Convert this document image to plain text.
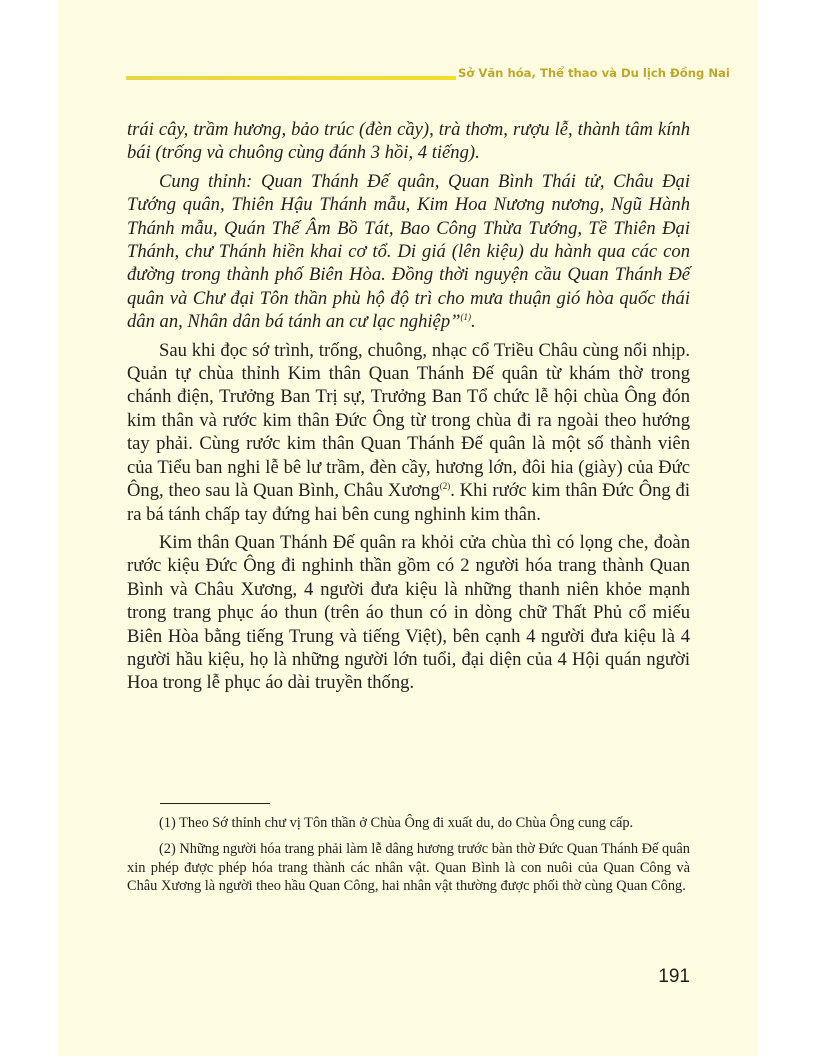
Sở Văn hóa, Thể thao và Du lịch Đồng Nai

trái cây, trầm hương, bảo trúc (đèn cầy), trà thơm, rượu lễ, thành tâm kính bái (trống và chuông cùng đánh 3 hồi, 4 tiếng).

Cung thỉnh: Quan Thánh Đế quân, Quan Bình Thái tử, Châu Đại Tướng quân, Thiên Hậu Thánh mẫu, Kim Hoa Nương nương, Ngũ Hành Thánh mẫu, Quán Thế Âm Bồ Tát, Bao Công Thừa Tướng, Tề Thiên Đại Thánh, chư Thánh hiền khai cơ tổ. Di giá (lên kiệu) du hành qua các con đường trong thành phố Biên Hòa. Đồng thời nguyện cầu Quan Thánh Đế quân và Chư đại Tôn thần phù hộ độ trì cho mưa thuận gió hòa quốc thái dân an, Nhân dân bá tánh an cư lạc nghiệp”$^{(1)}$.

Sau khi đọc sớ trình, trống, chuông, nhạc cổ Triều Châu cùng nổi nhịp. Quản tự chùa thỉnh Kim thân Quan Thánh Đế quân từ khám thờ trong chánh điện, Trưởng Ban Trị sự, Trưởng Ban Tổ chức lễ hội chùa Ông đón kim thân và rước kim thân Đức Ông từ trong chùa đi ra ngoài theo hướng tay phải. Cùng rước kim thân Quan Thánh Đế quân là một số thành viên của Tiểu ban nghi lễ bê lư trầm, đèn cầy, hương lớn, đôi hia (giày) của Đức Ông, theo sau là Quan Bình, Châu Xương$^{(2)}$. Khi rước kim thân Đức Ông đi ra bá tánh chấp tay đứng hai bên cung nghinh kim thân.

Kim thân Quan Thánh Đế quân ra khỏi cửa chùa thì có lọng che, đoàn rước kiệu Đức Ông đi nghinh thần gồm có 2 người hóa trang thành Quan Bình và Châu Xương, 4 người đưa kiệu là những thanh niên khỏe mạnh trong trang phục áo thun (trên áo thun có in dòng chữ Thất Phủ cổ miếu Biên Hòa bằng tiếng Trung và tiếng Việt), bên cạnh 4 người đưa kiệu là 4 người hầu kiệu, họ là những người lớn tuổi, đại diện của 4 Hội quán người Hoa trong lễ phục áo dài truyền thống.

(1) Theo Sớ thỉnh chư vị Tôn thần ở Chùa Ông đi xuất du, do Chùa Ông cung cấp.

(2) Những người hóa trang phải làm lễ dâng hương trước bàn thờ Đức Quan Thánh Đế quân xin phép được phép hóa trang thành các nhân vật. Quan Bình là con nuôi của Quan Công và Châu Xương là người theo hầu Quan Công, hai nhân vật thường được phối thờ cùng Quan Công.

191
